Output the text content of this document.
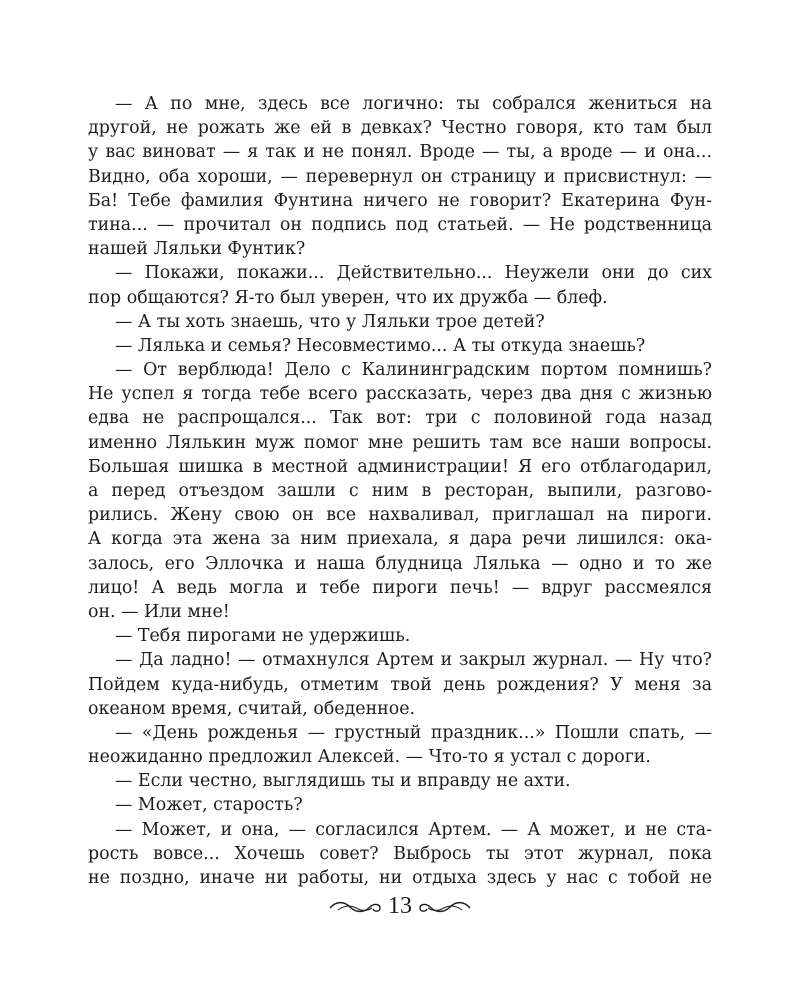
— А по мне, здесь все логично: ты собрался жениться на
другой, не рожать же ей в девках? Честно говоря, кто там был
у вас виноват — я так и не понял. Вроде — ты, а вроде — и она...
Видно, оба хороши, — перевернул он страницу и присвистнул: —
Ба! Тебе фамилия Фунтина ничего не говорит? Екатерина Фун-
тина... — прочитал он подпись под статьей. — Не родственница
нашей Ляльки Фунтик?
— Покажи, покажи... Действительно... Неужели они до сих
пор общаются? Я-то был уверен, что их дружба — блеф.
— А ты хоть знаешь, что у Ляльки трое детей?
— Лялька и семья? Несовместимо... А ты откуда знаешь?
— От верблюда! Дело с Калининградским портом помнишь?
Не успел я тогда тебе всего рассказать, через два дня с жизнью
едва не распрощался... Так вот: три с половиной года назад
именно Лялькин муж помог мне решить там все наши вопросы.
Большая шишка в местной администрации! Я его отблагодарил,
а перед отъездом зашли с ним в ресторан, выпили, разгово-
рились. Жену свою он все нахваливал, приглашал на пироги.
А когда эта жена за ним приехала, я дара речи лишился: ока-
залось, его Эллочка и наша блудница Лялька — одно и то же
лицо! А ведь могла и тебе пироги печь! — вдруг рассмеялся
он. — Или мне!
— Тебя пирогами не удержишь.
— Да ладно! — отмахнулся Артем и закрыл журнал. — Ну что?
Пойдем куда-нибудь, отметим твой день рождения? У меня за
океаном время, считай, обеденное.
— «День рожденья — грустный праздник...» Пошли спать, —
неожиданно предложил Алексей. — Что-то я устал с дороги.
— Если честно, выглядишь ты и вправду не ахти.
— Может, старость?
— Может, и она, — согласился Артем. — А может, и не ста-
рость вовсе... Хочешь совет? Выбрось ты этот журнал, пока
не поздно, иначе ни работы, ни отдыха здесь у нас с тобой не
13
